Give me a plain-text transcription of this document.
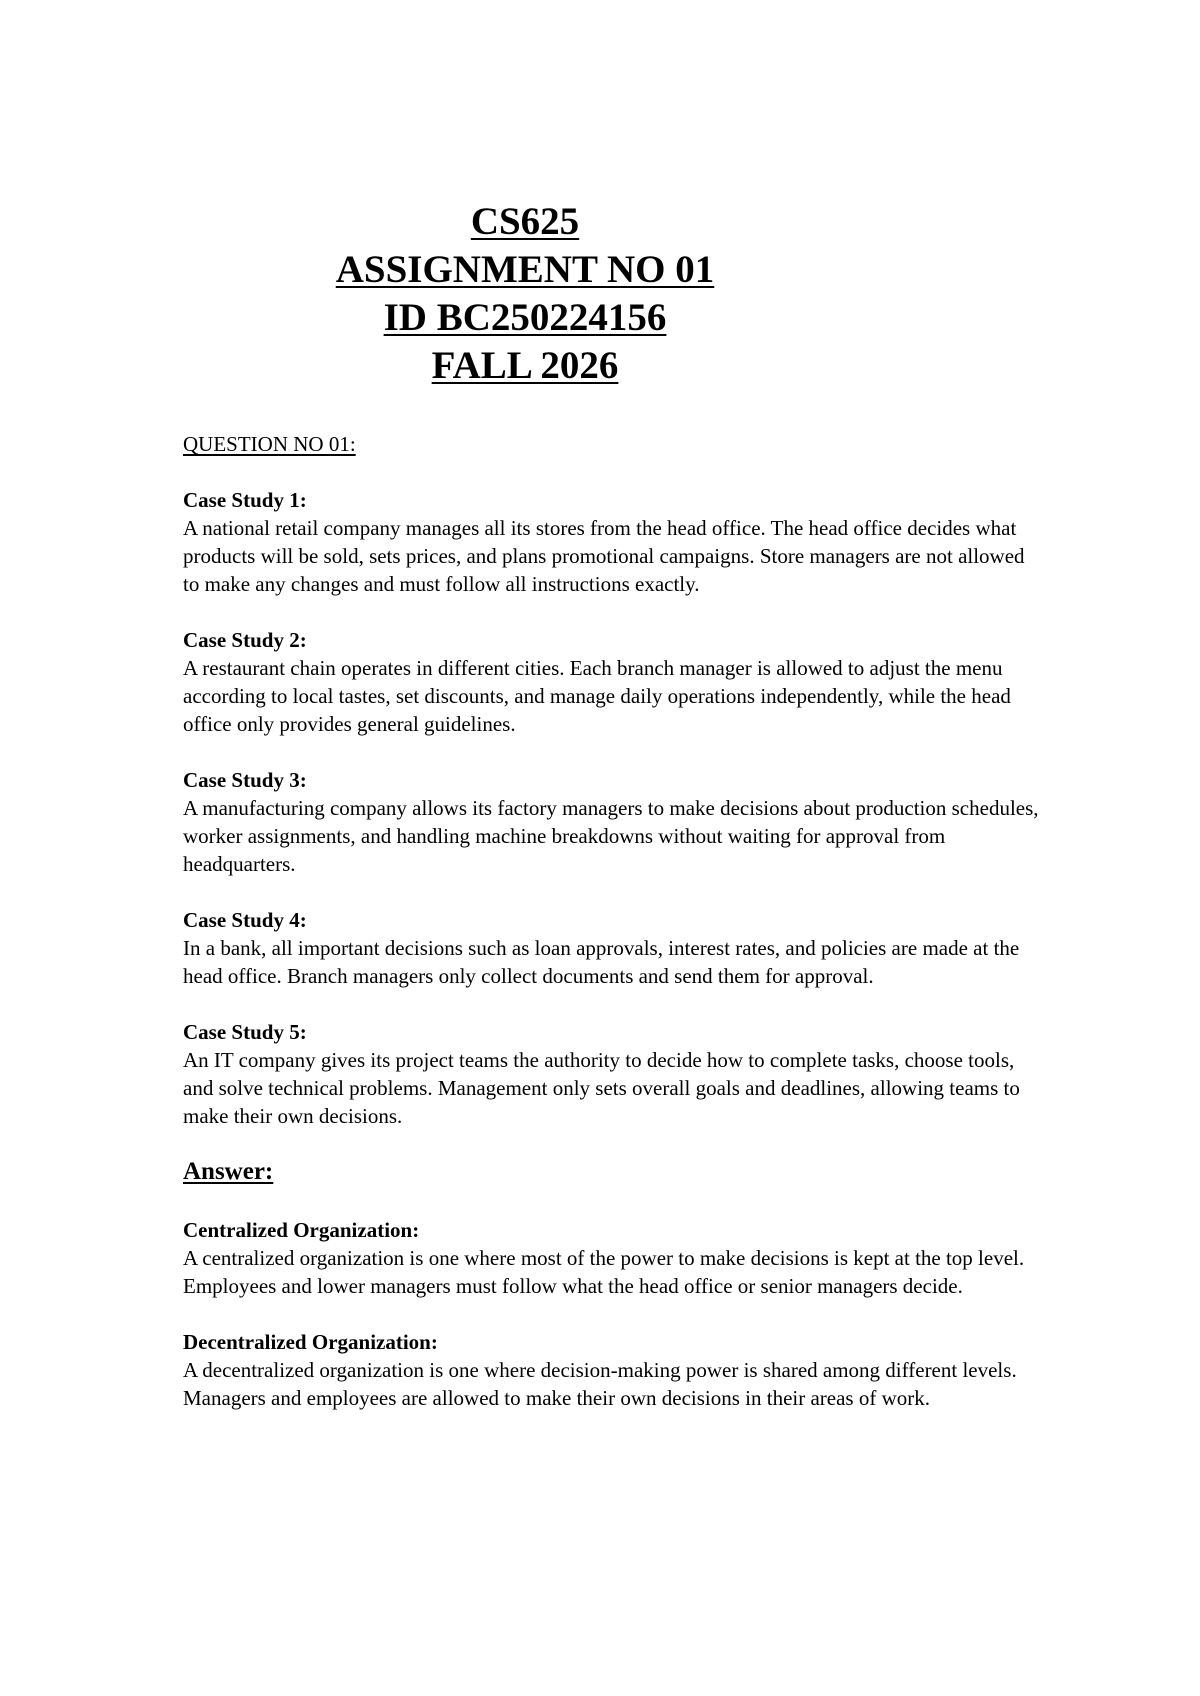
CS625
ASSIGNMENT NO 01
ID BC250224156
FALL 2026
QUESTION NO 01:
Case Study 1:
A national retail company manages all its stores from the head office. The head office decides what products will be sold, sets prices, and plans promotional campaigns. Store managers are not allowed to make any changes and must follow all instructions exactly.
Case Study 2:
A restaurant chain operates in different cities. Each branch manager is allowed to adjust the menu according to local tastes, set discounts, and manage daily operations independently, while the head office only provides general guidelines.
Case Study 3:
A manufacturing company allows its factory managers to make decisions about production schedules, worker assignments, and handling machine breakdowns without waiting for approval from headquarters.
Case Study 4:
In a bank, all important decisions such as loan approvals, interest rates, and policies are made at the head office. Branch managers only collect documents and send them for approval.
Case Study 5:
An IT company gives its project teams the authority to decide how to complete tasks, choose tools, and solve technical problems. Management only sets overall goals and deadlines, allowing teams to make their own decisions.
Answer:
Centralized Organization:
A centralized organization is one where most of the power to make decisions is kept at the top level. Employees and lower managers must follow what the head office or senior managers decide.
Decentralized Organization:
A decentralized organization is one where decision-making power is shared among different levels. Managers and employees are allowed to make their own decisions in their areas of work.
